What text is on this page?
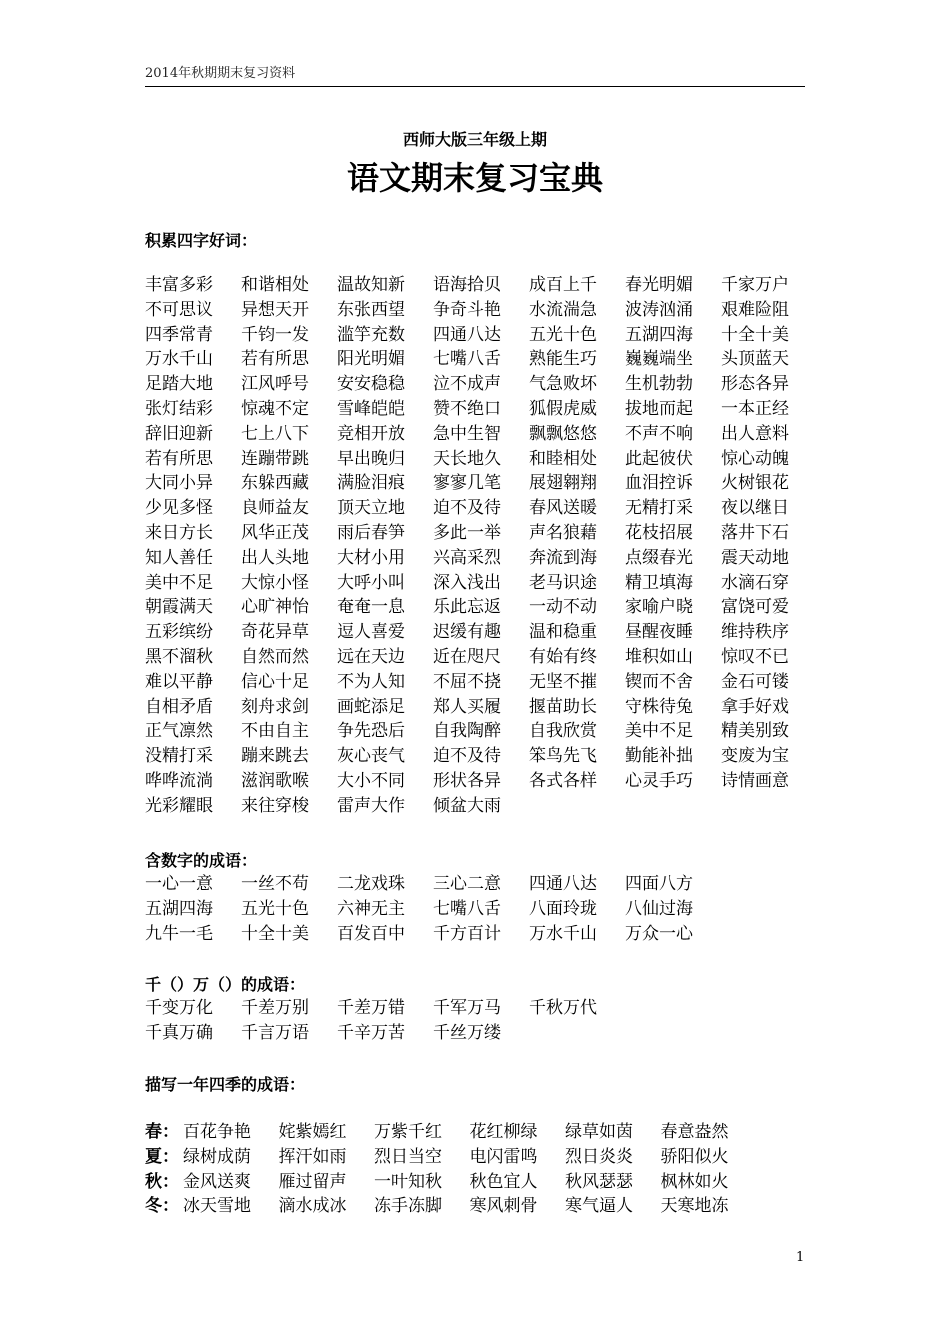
2014年秋期期末复习资料
西师大版三年级上期
语文期末复习宝典
积累四字好词：
丰富多彩	和谐相处	温故知新	语海拾贝	成百上千	春光明媚	千家万户
不可思议	异想天开	东张西望	争奇斗艳	水流湍急	波涛汹涌	艰难险阻
四季常青	千钧一发	滥竽充数	四通八达	五光十色	五湖四海	十全十美
万水千山	若有所思	阳光明媚	七嘴八舌	熟能生巧	巍巍端坐	头顶蓝天
足踏大地	江风呼号	安安稳稳	泣不成声	气急败坏	生机勃勃	形态各异
张灯结彩	惊魂不定	雪峰皑皑	赞不绝口	狐假虎威	拔地而起	一本正经
辞旧迎新	七上八下	竞相开放	急中生智	飘飘悠悠	不声不响	出人意料
若有所思	连蹦带跳	早出晚归	天长地久	和睦相处	此起彼伏	惊心动魄
大同小异	东躲西藏	满脸泪痕	寥寥几笔	展翅翱翔	血泪控诉	火树银花
少见多怪	良师益友	顶天立地	迫不及待	春风送暖	无精打采	夜以继日
来日方长	风华正茂	雨后春笋	多此一举	声名狼藉	花枝招展	落井下石
知人善任	出人头地	大材小用	兴高采烈	奔流到海	点缀春光	震天动地
美中不足	大惊小怪	大呼小叫	深入浅出	老马识途	精卫填海	水滴石穿
朝霞满天	心旷神怡	奄奄一息	乐此忘返	一动不动	家喻户晓	富饶可爱
五彩缤纷	奇花异草	逗人喜爱	迟缓有趣	温和稳重	昼醒夜睡	维持秩序
黑不溜秋	自然而然	远在天边	近在咫尺	有始有终	堆积如山	惊叹不已
难以平静	信心十足	不为人知	不屈不挠	无坚不摧	锲而不舍	金石可镂
自相矛盾	刻舟求剑	画蛇添足	郑人买履	揠苗助长	守株待兔	拿手好戏
正气凛然	不由自主	争先恐后	自我陶醉	自我欣赏	美中不足	精美别致
没精打采	蹦来跳去	灰心丧气	迫不及待	笨鸟先飞	勤能补拙	变废为宝
哗哗流淌	滋润歌喉	大小不同	形状各异	各式各样	心灵手巧	诗情画意
光彩耀眼	来往穿梭	雷声大作	倾盆大雨
含数字的成语：
一心一意	一丝不苟	二龙戏珠	三心二意	四通八达	四面八方
五湖四海	五光十色	六神无主	七嘴八舌	八面玲珑	八仙过海
九牛一毛	十全十美	百发百中	千方百计	万水千山	万众一心
千（）万（）的成语：
千变万化	千差万别	千差万错	千军万马	千秋万代
千真万确	千言万语	千辛万苦	千丝万缕
描写一年四季的成语：
春： 百花争艳	姹紫嫣红	万紫千红	花红柳绿	绿草如茵	春意盎然
夏： 绿树成荫	挥汗如雨	烈日当空	电闪雷鸣	烈日炎炎	骄阳似火
秋： 金风送爽	雁过留声	一叶知秋	秋色宜人	秋风瑟瑟	枫林如火
冬： 冰天雪地	滴水成冰	冻手冻脚	寒风刺骨	寒气逼人	天寒地冻
1
